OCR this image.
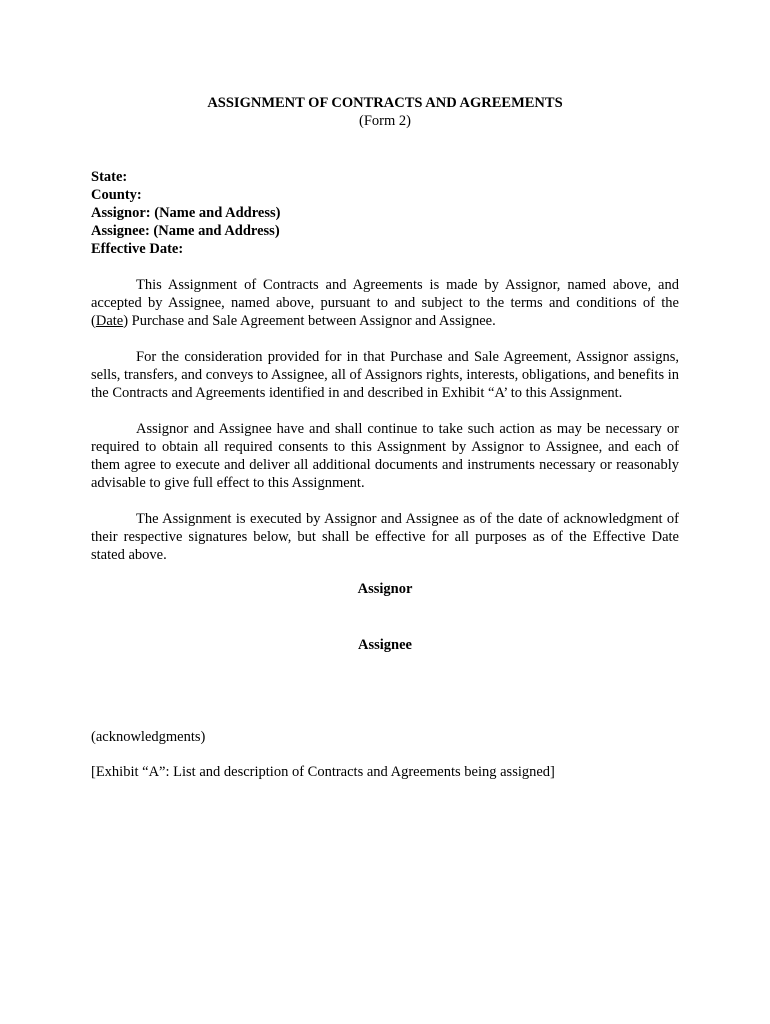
ASSIGNMENT OF CONTRACTS AND AGREEMENTS
(Form 2)
State:
County:
Assignor: (Name and Address)
Assignee: (Name and Address)
Effective Date:

This Assignment of Contracts and Agreements is made by Assignor, named above, and accepted by Assignee, named above, pursuant to and subject to the terms and conditions of the (Date) Purchase and Sale Agreement between Assignor and Assignee.

For the consideration provided for in that Purchase and Sale Agreement, Assignor assigns, sells, transfers, and conveys to Assignee, all of Assignors rights, interests, obligations, and benefits in the Contracts and Agreements identified in and described in Exhibit “A’ to this Assignment.

Assignor and Assignee have and shall continue to take such action as may be necessary or required to obtain all required consents to this Assignment by Assignor to Assignee, and each of them agree to execute and deliver all additional documents and instruments necessary or reasonably advisable to give full effect to this Assignment.

The Assignment is executed by Assignor and Assignee as of the date of acknowledgment of their respective signatures below, but shall be effective for all purposes as of the Effective Date stated above.

Assignor

Assignee

(acknowledgments)

[Exhibit “A”: List and description of Contracts and Agreements being assigned]
